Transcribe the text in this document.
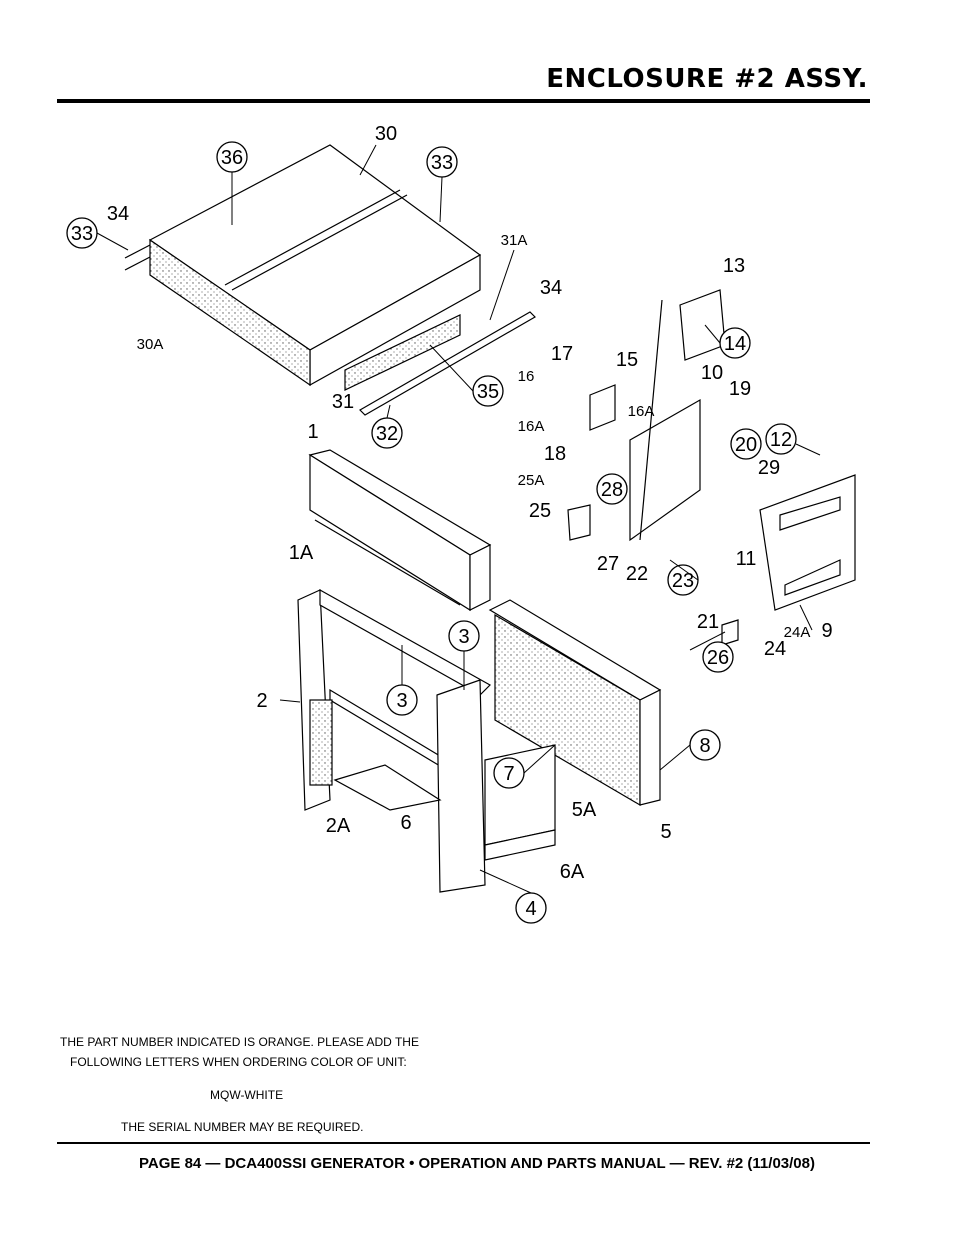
ENCLOSURE #2 ASSY.
36
30
33
34
33	31A
34
30A
31	35
32
13
14
17 15
16	10
19
16A
16A
18	20 12
29
25A	28
25
27 22 23
11
1
1A
9
3	24A
21
24
26
2	3
8
7
2A	6
5A
5
6A
4
THE PART NUMBER INDICATED IS ORANGE. PLEASE ADD THE
FOLLOWING LETTERS WHEN ORDERING COLOR OF UNIT:
MQW-WHITE
THE SERIAL NUMBER MAY BE REQUIRED.
PAGE 84 — DCA400SSI GENERATOR • OPERATION AND PARTS MANUAL — REV. #2 (11/03/08)
